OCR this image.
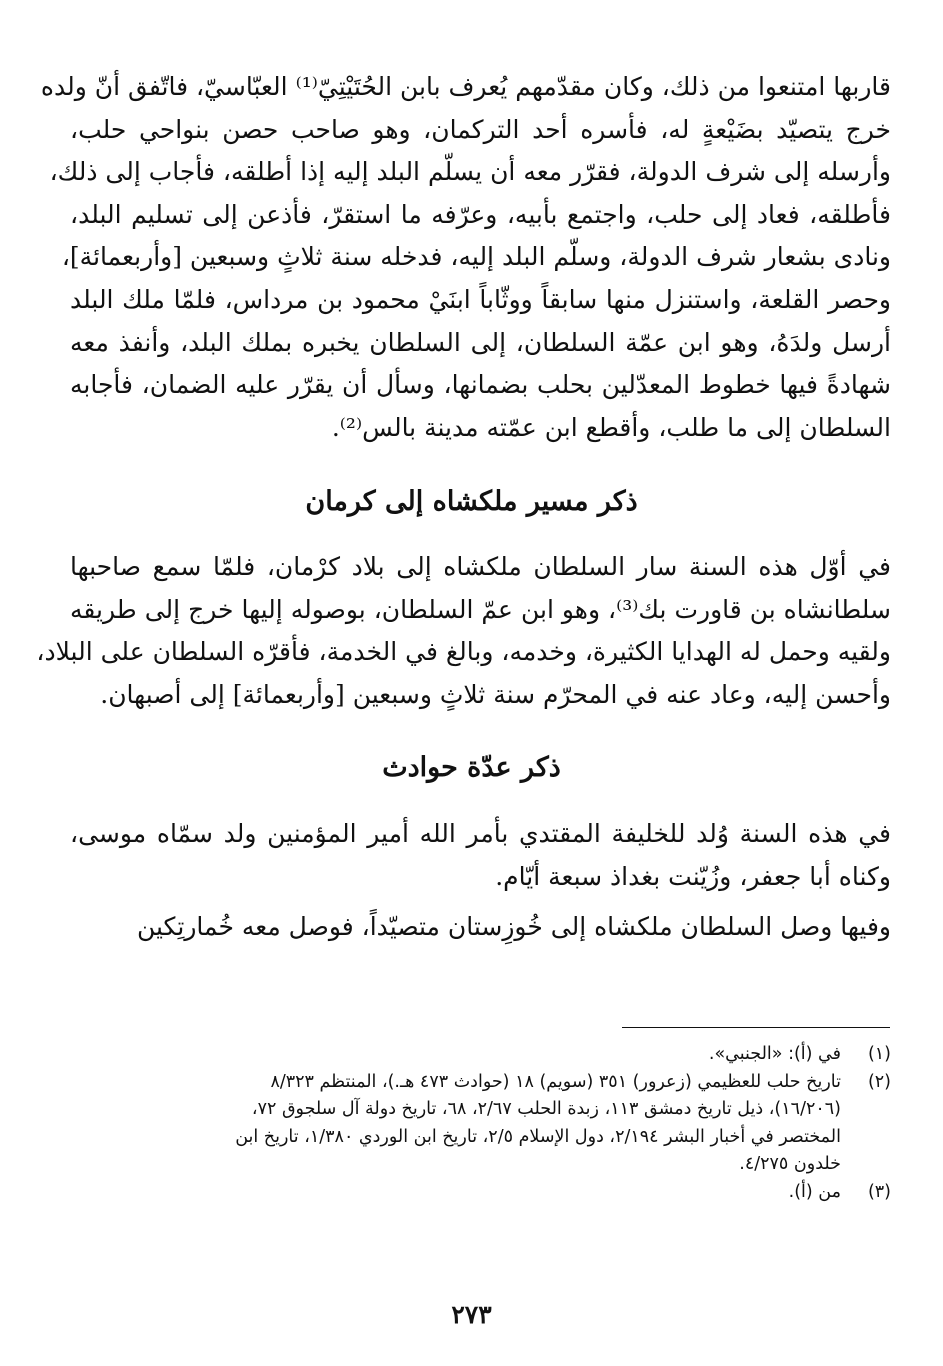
قاربها امتنعوا من ذلك، وكان مقدّمهم يُعرف بابن الحُتَيْتِيّ⁽¹⁾ العبّاسيّ، فاتّفق أنّ ولده
خرج يتصيّد بضَيْعةٍ له، فأسره أحد التركمان، وهو صاحب حصن بنواحي حلب،
وأرسله إلى شرف الدولة، فقرّر معه أن يسلّم البلد إليه إذا أطلقه، فأجاب إلى ذلك،
فأطلقه، فعاد إلى حلب، واجتمع بأبيه، وعرّفه ما استقرّ، فأذعن إلى تسليم البلد،
ونادى بشعار شرف الدولة، وسلّم البلد إليه، فدخله سنة ثلاثٍ وسبعين [وأربعمائة]،
وحصر القلعة، واستنزل منها سابقاً ووثّاباً ابنَيْ محمود بن مرداس، فلمّا ملك البلد
أرسل ولدَهُ، وهو ابن عمّة السلطان، إلى السلطان يخبره بملك البلد، وأنفذ معه
شهادةً فيها خطوط المعدّلين بحلب بضمانها، وسأل أن يقرّر عليه الضمان، فأجابه
السلطان إلى ما طلب، وأقطع ابن عمّته مدينة بالس⁽²⁾.
ذكر مسير ملكشاه إلى كرمان
في أوّل هذه السنة سار السلطان ملكشاه إلى بلاد كرْمان، فلمّا سمع صاحبها
سلطانشاه بن قاورت بك⁽³⁾، وهو ابن عمّ السلطان، بوصوله إليها خرج إلى طريقه
ولقيه وحمل له الهدايا الكثيرة، وخدمه، وبالغ في الخدمة، فأقرّه السلطان على البلاد،
وأحسن إليه، وعاد عنه في المحرّم سنة ثلاثٍ وسبعين [وأربعمائة] إلى أصبهان.
ذكر عدّة حوادث
في هذه السنة وُلد للخليفة المقتدي بأمر الله أمير المؤمنين ولد سمّاه موسى،
وكناه أبا جعفر، وزُيّنت بغداذ سبعة أيّام.
وفيها وصل السلطان ملكشاه إلى خُوزِستان متصيّداً، فوصل معه خُمارتِكين
(١)
في (أ): «الجنبي».
(٢)
تاريخ حلب للعظيمي (زعرور) ٣٥١ (سويم) ١٨ (حوادث ٤٧٣ هـ.)، المنتظم ٨/٣٢٣
(١٦/٢٠٦)، ذيل تاريخ دمشق ١١٣، زبدة الحلب ٢/٦٧، ٦٨، تاريخ دولة آل سلجوق ٧٢،
المختصر في أخبار البشر ٢/١٩٤، دول الإسلام ٢/٥، تاريخ ابن الوردي ١/٣٨٠، تاريخ ابن
خلدون ٤/٢٧٥.
(٣)
من (أ).
٢٧٣
